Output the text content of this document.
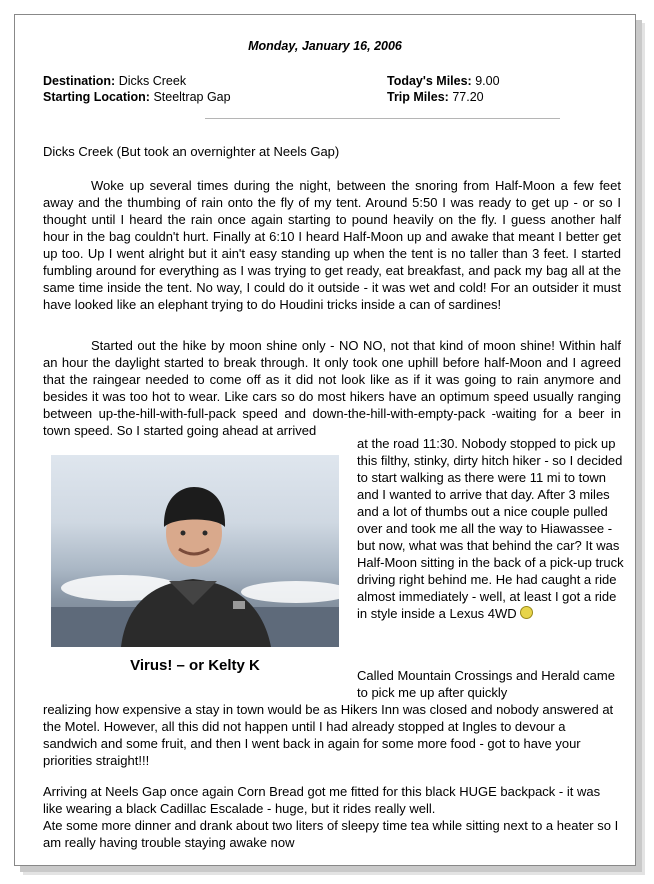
Monday, January 16, 2006
Destination: Dicks Creek
Starting Location: Steeltrap Gap
Today's Miles: 9.00
Trip Miles: 77.20
Dicks Creek (But took an overnighter at Neels Gap)
Woke up several times during the night, between the snoring from Half-Moon a few feet away and the thumbing of rain onto the fly of my tent. Around 5:50 I was ready to get up - or so I thought until I heard the rain once again starting to pound heavily on the fly. I guess another half hour in the bag couldn't hurt. Finally at 6:10 I heard Half-Moon up and awake that meant I better get up too. Up I went alright but it ain't easy standing up when the tent is no taller than 3 feet. I started fumbling around for everything as I was trying to get ready, eat breakfast, and pack my bag all at the same time inside the tent. No way, I could do it outside - it was wet and cold! For an outsider it must have looked like an elephant trying to do Houdini tricks inside a can of sardines!
Started out the hike by moon shine only - NO NO, not that kind of moon shine! Within half an hour the daylight started to break through. It only took one uphill before half-Moon and I agreed that the raingear needed to come off as it did not look like as if it was going to rain anymore and besides it was too hot to wear. Like cars so do most hikers have an optimum speed usually ranging between up-the-hill-with-full-pack speed and down-the-hill-with-empty-pack -waiting for a beer in town speed. So I started going ahead at arrived
Virus! – or Kelty K
at the road 11:30. Nobody stopped to pick up this filthy, stinky, dirty hitch hiker - so I decided to start walking as there were 11 mi to town and I wanted to arrive that day. After 3 miles and a lot of thumbs out a nice couple pulled over and took me all the way to Hiawassee - but now, what was that behind the car? It was Half-Moon sitting in the back of a pick-up truck driving right behind me. He had caught a ride almost immediately - well, at least I got a ride in style inside a Lexus 4WD
Called Mountain Crossings and Herald came to pick me up after quickly
realizing how expensive a stay in town would be as Hikers Inn was closed and nobody answered at the Motel. However, all this did not happen until I had already stopped at Ingles to devour a sandwich and some fruit, and then I went back in again for some more food - got to have your priorities straight!!!
Arriving at Neels Gap once again Corn Bread got me fitted for this black HUGE backpack - it was like wearing a black Cadillac Escalade - huge, but it rides really well.
Ate some more dinner and drank about two liters of sleepy time tea while sitting next to a heater so I am really having trouble staying awake now
